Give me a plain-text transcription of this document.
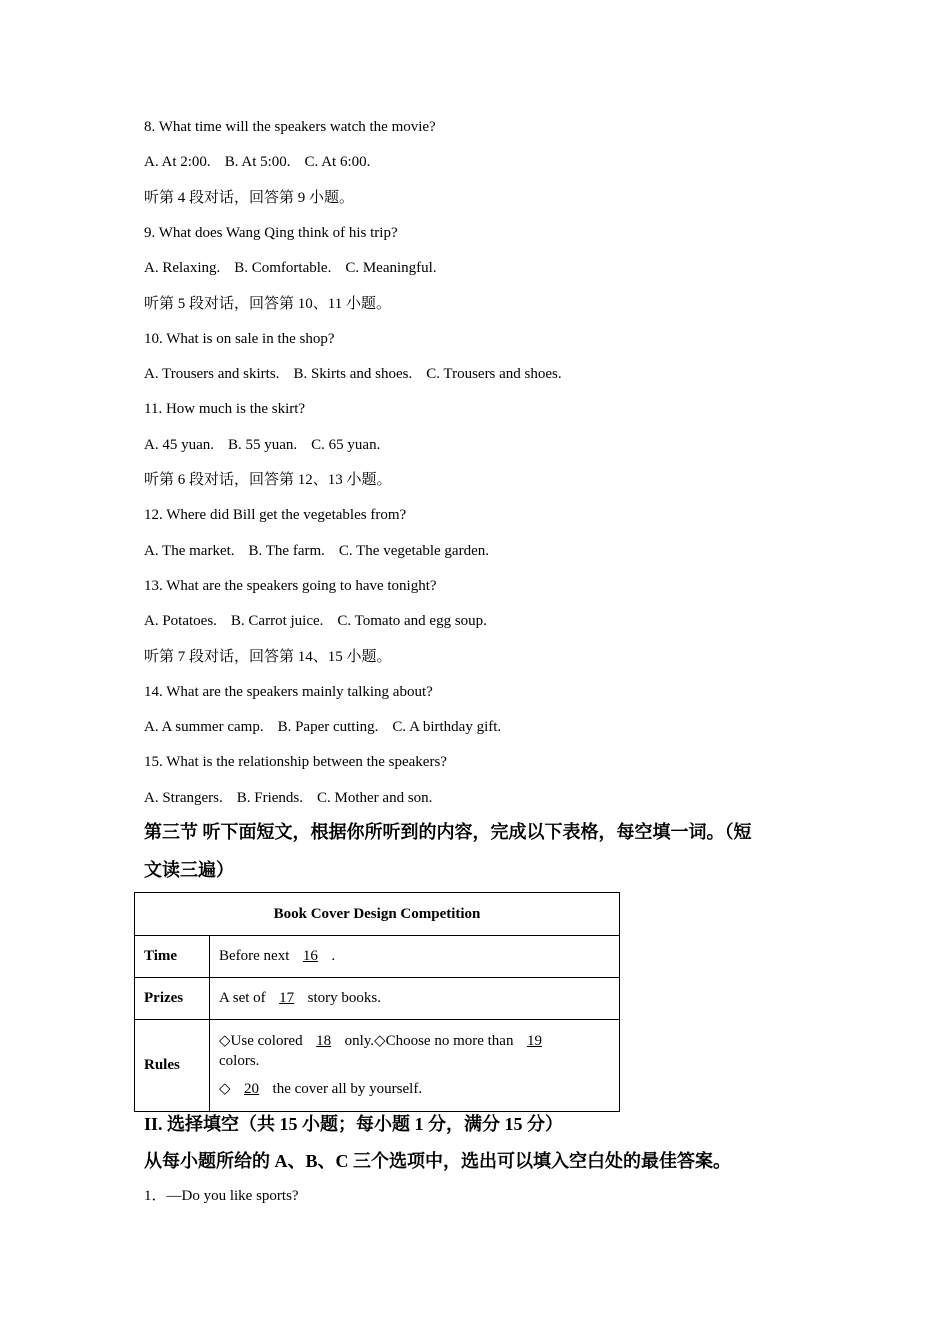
8. What time will the speakers watch the movie?
A. At 2:00. B. At 5:00. C. At 6:00.
听第 4 段对话，回答第 9 小题。
9. What does Wang Qing think of his trip?
A. Relaxing. B. Comfortable. C. Meaningful.
听第 5 段对话，回答第 10、11 小题。
10. What is on sale in the shop?
A. Trousers and skirts. B. Skirts and shoes. C. Trousers and shoes.
11. How much is the skirt?
A. 45 yuan. B. 55 yuan. C. 65 yuan.
听第 6 段对话，回答第 12、13 小题。
12. Where did Bill get the vegetables from?
A. The market. B. The farm. C. The vegetable garden.
13. What are the speakers going to have tonight?
A. Potatoes. B. Carrot juice. C. Tomato and egg soup.
听第 7 段对话，回答第 14、15 小题。
14. What are the speakers mainly talking about?
A. A summer camp. B. Paper cutting. C. A birthday gift.
15. What is the relationship between the speakers?
A. Strangers. B. Friends. C. Mother and son.
第三节 听下面短文，根据你所听到的内容，完成以下表格，每空填一词。（短
文读三遍）
Book Cover Design Competition	
Time	Before next 16 .
Prizes	A set of 17 story books.
Rules	◇Use colored 18 only.◇Choose no more than 19
colors.
◇ 20 the cover all by yourself.
II. 选择填空（共 15 小题；每小题 1 分，满分 15 分）
从每小题所给的 A、B、C 三个选项中，选出可以填入空白处的最佳答案。
1．—Do you like sports?
